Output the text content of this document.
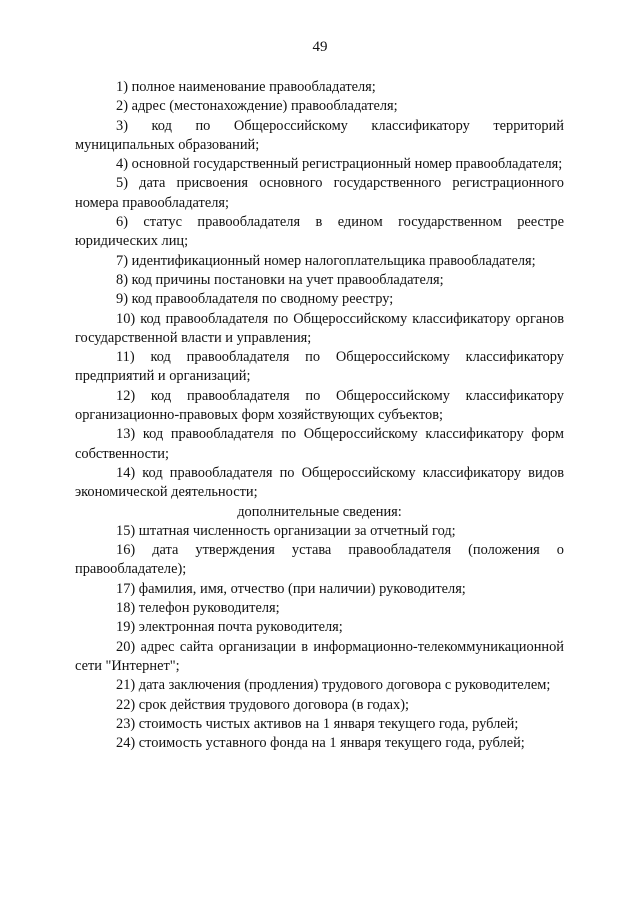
49

1) полное наименование правообладателя;

2) адрес (местонахождение) правообладателя;

3) код по Общероссийскому классификатору территорий муниципальных образований;

4) основной государственный регистрационный номер правообладателя;

5) дата присвоения основного государственного регистрационного номера правообладателя;

6) статус правообладателя в едином государственном реестре юридических лиц;

7) идентификационный номер налогоплательщика правообладателя;

8) код причины постановки на учет правообладателя;

9) код правообладателя по сводному реестру;

10) код правообладателя по Общероссийскому классификатору органов государственной власти и управления;

11) код правообладателя по Общероссийскому классификатору предприятий и организаций;

12) код правообладателя по Общероссийскому классификатору организационно-правовых форм хозяйствующих субъектов;

13) код правообладателя по Общероссийскому классификатору форм собственности;

14) код правообладателя по Общероссийскому классификатору видов экономической деятельности;

дополнительные сведения:

15) штатная численность организации за отчетный год;

16) дата утверждения устава правообладателя (положения о правообладателе);

17) фамилия, имя, отчество (при наличии) руководителя;

18) телефон руководителя;

19) электронная почта руководителя;

20) адрес сайта организации в информационно-телекоммуникационной сети "Интернет";

21) дата заключения (продления) трудового договора с руководителем;

22) срок действия трудового договора (в годах);

23) стоимость чистых активов на 1 января текущего года, рублей;

24) стоимость уставного фонда на 1 января текущего года, рублей;
